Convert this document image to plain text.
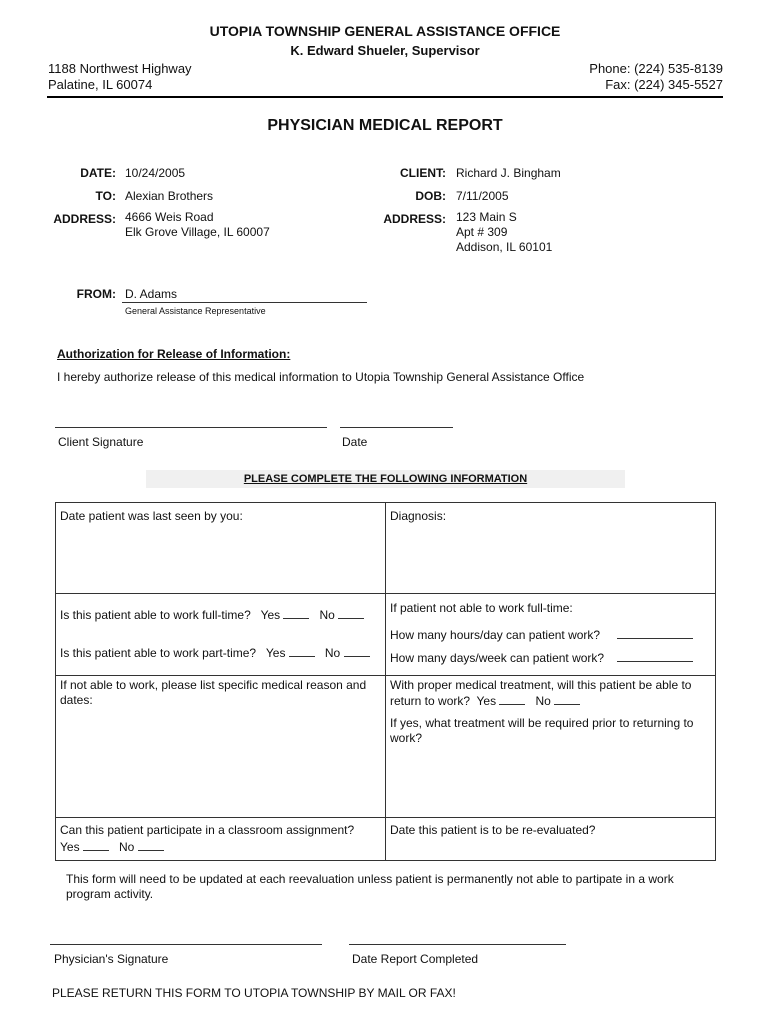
UTOPIA TOWNSHIP GENERAL ASSISTANCE OFFICE
K. Edward Shueler, Supervisor
1188 Northwest Highway
Palatine, IL 60074
Phone: (224) 535-8139
Fax: (224) 345-5527
PHYSICIAN MEDICAL REPORT
DATE: 10/24/2005
TO: Alexian Brothers
ADDRESS: 4666 Weis Road
Elk Grove Village, IL 60007
CLIENT: Richard J. Bingham
DOB: 7/11/2005
ADDRESS: 123 Main S
Apt # 309
Addison, IL 60101
FROM: D. Adams
General Assistance Representative
Authorization for Release of Information:
I hereby authorize release of this medical information to Utopia Township General Assistance Office
Client Signature	Date
PLEASE COMPLETE THE FOLLOWING INFORMATION
Date patient was last seen by you:	Diagnosis:
Is this patient able to work full-time? Yes	No
Is this patient able to work part-time? Yes	No
If patient not able to work full-time:
How many hours/day can patient work?
How many days/week can patient work?
If not able to work, please list specific medical reason and dates:
With proper medical treatment, will this patient be able to return to work? Yes	No
If yes, what treatment will be required prior to returning to work?
Can this patient participate in a classroom assignment?
Yes	No
Date this patient is to be re-evaluated?
This form will need to be updated at each reevaluation unless patient is permanently not able to partipate in a work program activity.
Physician's Signature	Date Report Completed
PLEASE RETURN THIS FORM TO UTOPIA TOWNSHIP BY MAIL OR FAX!
